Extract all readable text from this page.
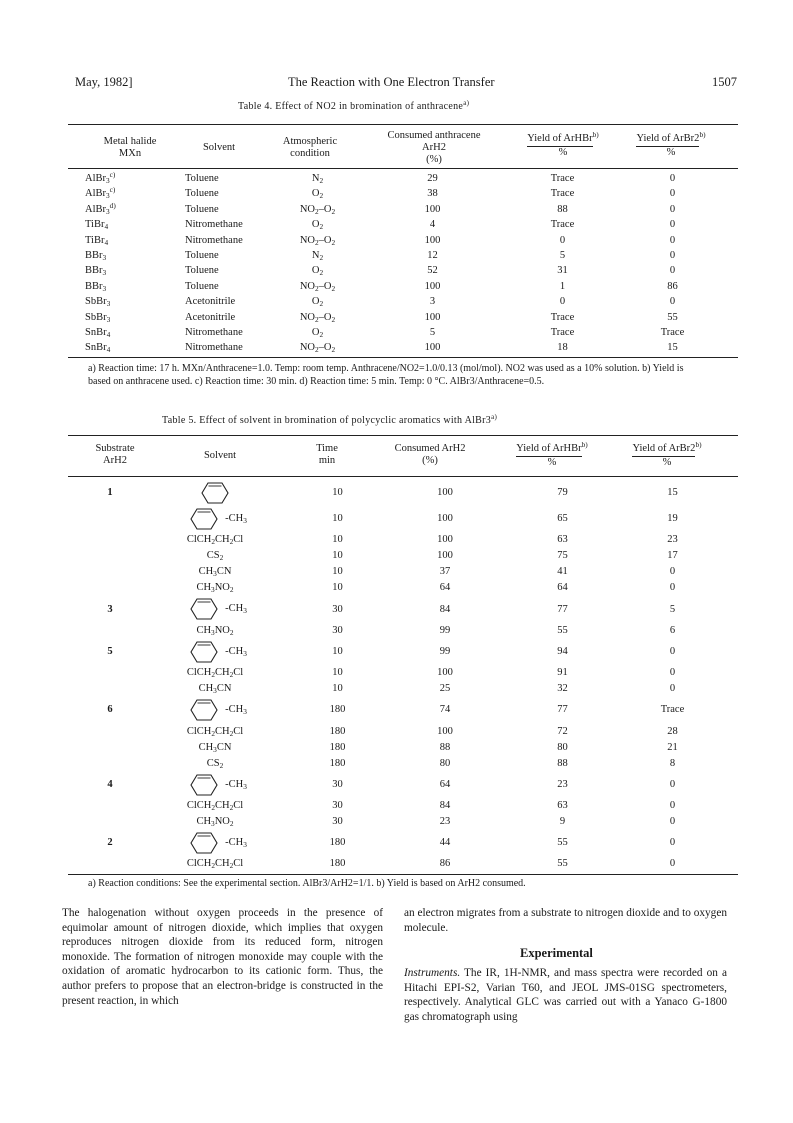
May, 1982]	The Reaction with One Electron Transfer	1507
Table 4. Effect of NO2 in bromination of anthracene$^{a)}$
Metal halide
MXn
Solvent
Atmospheric
condition
Consumed anthracene
ArH2
(%)
Yield of ArHBr$^{b)}$
%
Yield of ArBr2$^{b)}$
%
AlBr$_3^{c)}$	Toluene	$N_2$	29	Trace	0
AlBr$_3^{c)}$	Toluene	$O_2$	38	Trace	0
AlBr$_3^{d)}$	Toluene	$NO_2-O_2$	100	88	0
TiBr$_4$	Nitromethane	$O_2$	4	Trace	0
TiBr$_4$	Nitromethane	$NO_2-O_2$	100	0	0
BBr$_3$	Toluene	$N_2$	12	5	0
BBr$_3$	Toluene	$O_2$	52	31	0
BBr$_3$	Toluene	$NO_2-O_2$	100	1	86
SbBr$_3$	Acetonitrile	$O_2$	3	0	0
SbBr$_3$	Acetonitrile	$NO_2-O_2$	100	Trace	55
SnBr$_4$	Nitromethane	$O_2$	5	Trace	Trace
SnBr$_4$	Nitromethane	$NO_2-O_2$	100	18	15
a) Reaction time: 17 h. MXn/Anthracene=1.0. Temp: room temp. Anthracene/NO2=1.0/0.13 (mol/mol). NO2 was used as a 10% solution. b) Yield is based on anthracene used. c) Reaction time: 30 min. d) Reaction time: 5 min. Temp: 0 °C. AlBr3/Anthracene=0.5.
Table 5. Effect of solvent in bromination of polycyclic aromatics with AlBr3$^{a)}$
Substrate
ArH2	Solvent
Time
min
Consumed ArH2
(%)
Yield of ArHBr$^{b)}$
%
Yield of ArBr2$^{b)}$
%
1		10	100	79	15

	$-CH_3$	10	100	65	19
	$ClCH_2CH_2Cl$	10	100	63	23
	$CS_2$	10	100	75	17
	$CH_3CN$	10	37	41	0
	$CH_3NO_2$	10	64	64	0
3	$-CH_3$	30	84	77	5
	$CH_3NO_2$	30	99	55	6
5	$-CH_3$	10	99	94	0
	$ClCH_2CH_2Cl$	10	100	91	0
	$CH_3CN$	10	25	32	0
6	$-CH_3$	180	74	77	Trace
	$ClCH_2CH_2Cl$	180	100	72	28
	$CH_3CN$	180	88	80	21
	$CS_2$	180	80	88	8
4	$-CH_3$	30	64	23	0
	$ClCH_2CH_2Cl$	30	84	63	0
	$CH_3NO_2$	30	23	9	0
2	$-CH_3$	180	44	55	0
	$ClCH_2CH_2Cl$	180	86	55	0
a) Reaction conditions: See the experimental section. AlBr3/ArH2=1/1. b) Yield is based on ArH2 consumed.
The halogenation without oxygen proceeds in the presence of equimolar amount of nitrogen dioxide, which implies that oxygen reproduces nitrogen dioxide from its reduced form, nitrogen monoxide. The formation of nitrogen monoxide may couple with the oxidation of aromatic hydrocarbon to its cationic form. Thus, the author prefers to propose that an electron-bridge is constructed in the present reaction, in which
an electron migrates from a substrate to nitrogen dioxide and to oxygen molecule.
Experimental
Instruments. The IR, 1H-NMR, and mass spectra were recorded on a Hitachi EPI-S2, Varian T60, and JEOL JMS-01SG spectrometers, respectively. Analytical GLC was carried out with a Yanaco G-1800 gas chromatograph using
